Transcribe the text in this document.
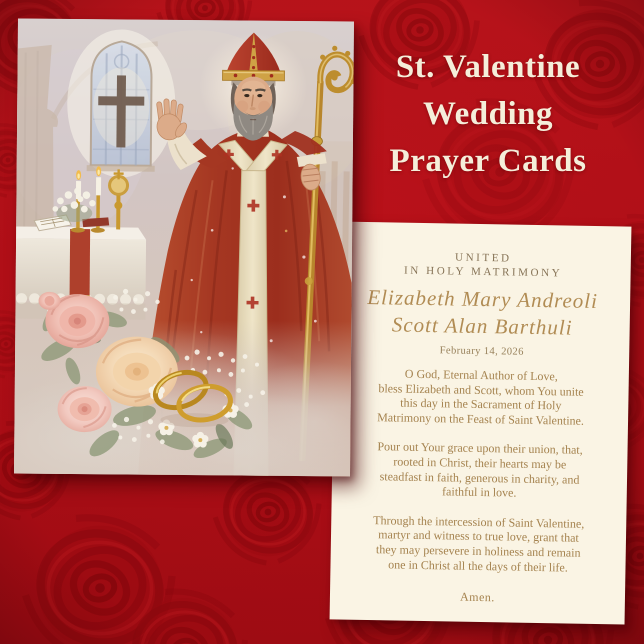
St. Valentine
Wedding
Prayer Cards
UNITED
IN HOLY MATRIMONY
Elizabeth Mary Andreoli
Scott Alan Barthuli
February 14, 2026

O God, Eternal Author of Love,
bless Elizabeth and Scott, whom You unite
this day in the Sacrament of Holy
Matrimony on the Feast of Saint Valentine.

Pour out Your grace upon their union, that,
rooted in Christ, their hearts may be
steadfast in faith, generous in charity, and
faithful in love.

Through the intercession of Saint Valentine,
martyr and witness to true love, grant that
they may persevere in holiness and remain
one in Christ all the days of their life.

Amen.
